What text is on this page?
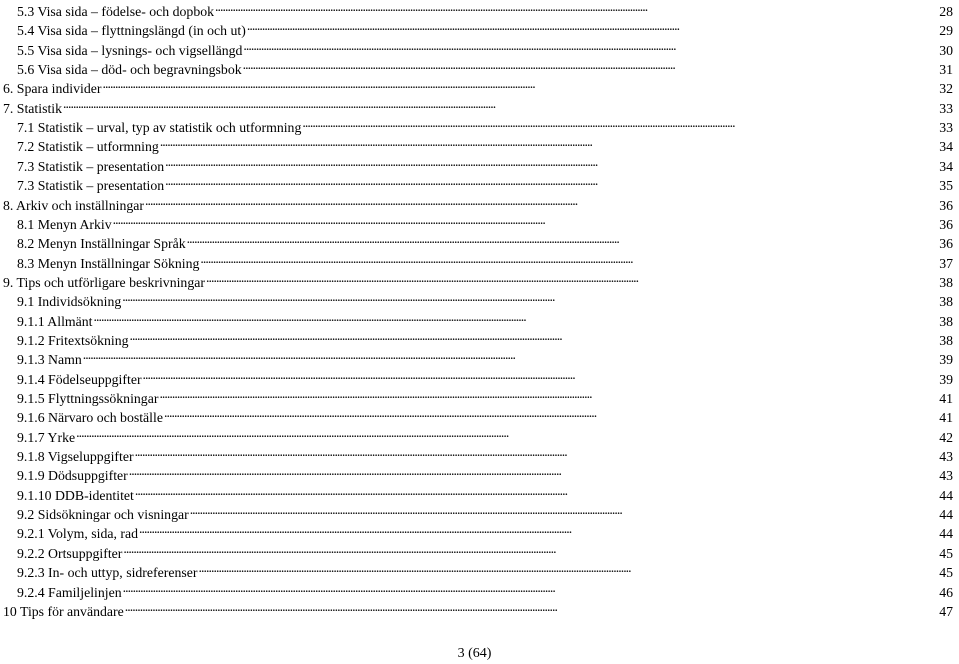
5.3 Visa sida – födelse- och dopbok . . .	28
5.4 Visa sida – flyttningslängd (in och ut) . . .	29
5.5 Visa sida – lysnings- och vigsellängd . . .	30
5.6 Visa sida – död- och begravningsbok . . .	31
6. Spara individer . . .	32
7. Statistik . . .	33
7.1 Statistik – urval, typ av statistik och utformning . . .	33
7.2 Statistik – utformning . . .	34
7.3 Statistik – presentation . . .	34
7.3 Statistik – presentation . . .	35
8. Arkiv och inställningar . . .	36
8.1 Menyn Arkiv . . .	36
8.2 Menyn Inställningar Språk . . .	36
8.3 Menyn Inställningar Sökning . . .	37
9. Tips och utförligare beskrivningar . . .	38
9.1 Individsökning . . .	38
9.1.1 Allmänt . . .	38
9.1.2 Fritextsökning . . .	38
9.1.3 Namn . . .	39
9.1.4 Födelseuppgifter . . .	39
9.1.5 Flyttningssökningar . . .	41
9.1.6 Närvaro och boställe . . .	41
9.1.7 Yrke . . .	42
9.1.8 Vigseluppgifter . . .	43
9.1.9 Dödsuppgifter . . .	43
9.1.10 DDB-identitet . . .	44
9.2 Sidsökningar och visningar . . .	44
9.2.1 Volym, sida, rad . . .	44
9.2.2 Ortsuppgifter . . .	45
9.2.3 In- och uttyp, sidreferenser . . .	45
9.2.4 Familjelinjen . . .	46
10 Tips för användare . . .	47
3 (64)
